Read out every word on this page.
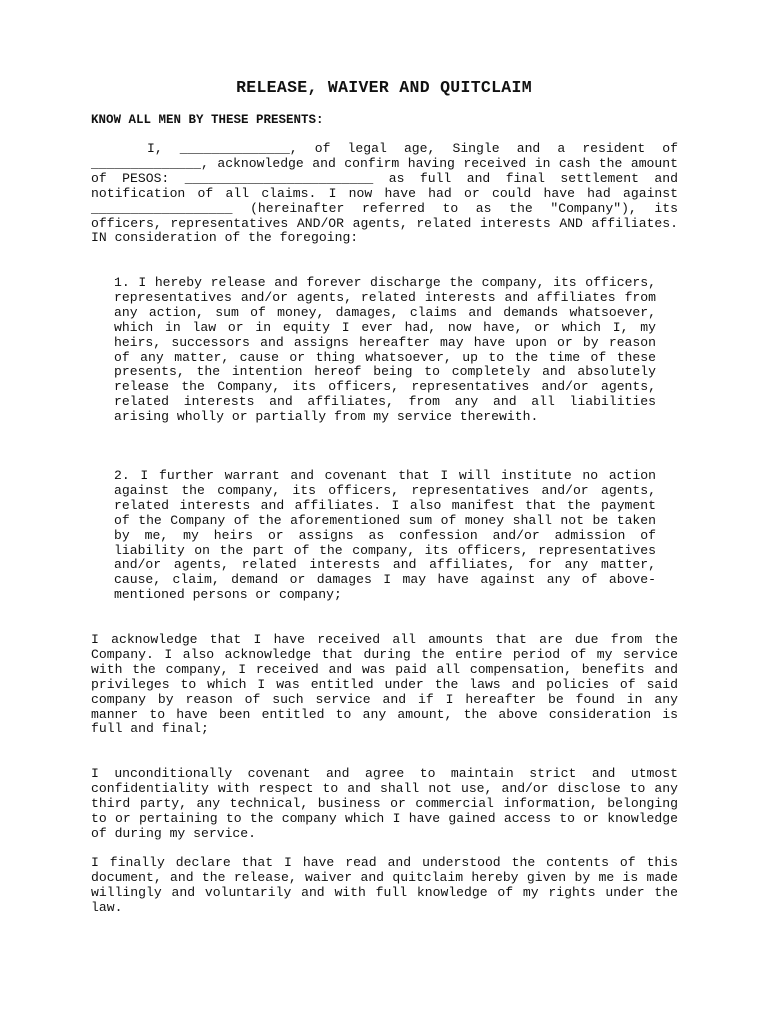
RELEASE, WAIVER AND QUITCLAIM

KNOW ALL MEN BY THESE PRESENTS:

I, ______________, of legal age, Single and a resident of ______________, acknowledge and confirm having received in cash the amount of PESOS: ________________________ as full and final settlement and notification of all claims. I now have had or could have had against __________________ (hereinafter referred to as the "Company"), its officers, representatives AND/OR agents, related interests AND affiliates. IN consideration of the foregoing:

1. I hereby release and forever discharge the company, its officers, representatives and/or agents, related interests and affiliates from any action, sum of money, damages, claims and demands whatsoever, which in law or in equity I ever had, now have, or which I, my heirs, successors and assigns hereafter may have upon or by reason of any matter, cause or thing whatsoever, up to the time of these presents, the intention hereof being to completely and absolutely release the Company, its officers, representatives and/or agents, related interests and affiliates, from any and all liabilities arising wholly or partially from my service therewith.

2. I further warrant and covenant that I will institute no action against the company, its officers, representatives and/or agents, related interests and affiliates. I also manifest that the payment of the Company of the aforementioned sum of money shall not be taken by me, my heirs or assigns as confession and/or admission of liability on the part of the company, its officers, representatives and/or agents, related interests and affiliates, for any matter, cause, claim, demand or damages I may have against any of above-mentioned persons or company;

I acknowledge that I have received all amounts that are due from the Company. I also acknowledge that during the entire period of my service with the company, I received and was paid all compensation, benefits and privileges to which I was entitled under the laws and policies of said company by reason of such service and if I hereafter be found in any manner to have been entitled to any amount, the above consideration is full and final;

I unconditionally covenant and agree to maintain strict and utmost confidentiality with respect to and shall not use, and/or disclose to any third party, any technical, business or commercial information, belonging to or pertaining to the company which I have gained access to or knowledge of during my service.

I finally declare that I have read and understood the contents of this document, and the release, waiver and quitclaim hereby given by me is made willingly and voluntarily and with full knowledge of my rights under the law.
